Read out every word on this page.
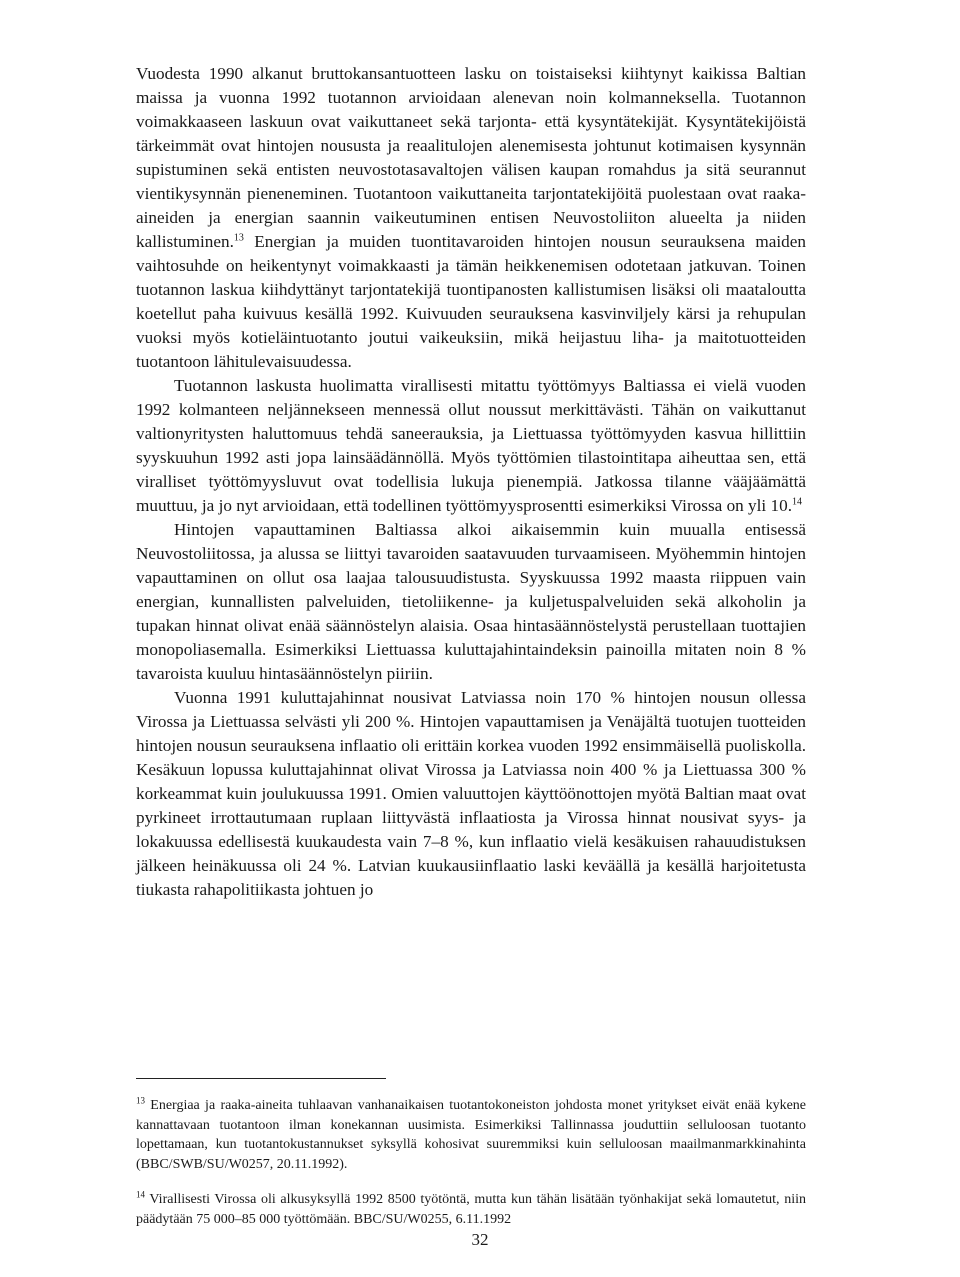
Vuodesta 1990 alkanut bruttokansantuotteen lasku on toistaiseksi kiihtynyt kaikissa Baltian maissa ja vuonna 1992 tuotannon arvioidaan alenevan noin kolmanneksella. Tuotannon voimakkaaseen laskuun ovat vaikuttaneet sekä tarjonta- että kysyntätekijät. Kysyntätekijöistä tärkeimmät ovat hintojen noususta ja reaalitulojen alenemisesta johtunut kotimaisen kysynnän supistuminen sekä entisten neuvostotasavaltojen välisen kaupan romahdus ja sitä seurannut vientikysynnän pieneneminen. Tuotantoon vaikuttaneita tarjontatekijöitä puolestaan ovat raaka-aineiden ja energian saannin vaikeutuminen entisen Neuvostoliiton alueelta ja niiden kallistuminen.$^{13}$ Energian ja muiden tuontitavaroiden hintojen nousun seurauksena maiden vaihtosuhde on heikentynyt voimakkaasti ja tämän heikkenemisen odotetaan jatkuvan. Toinen tuotannon laskua kiihdyttänyt tarjontatekijä tuontipanosten kallistumisen lisäksi oli maataloutta koetellut paha kuivuus kesällä 1992. Kuivuuden seurauksena kasvinviljely kärsi ja rehupulan vuoksi myös kotieläintuotanto joutui vaikeuksiin, mikä heijastuu liha- ja maitotuotteiden tuotantoon lähitulevaisuudessa.

Tuotannon laskusta huolimatta virallisesti mitattu työttömyys Baltiassa ei vielä vuoden 1992 kolmanteen neljännekseen mennessä ollut noussut merkittävästi. Tähän on vaikuttanut valtionyritysten haluttomuus tehdä saneerauksia, ja Liettuassa työttömyyden kasvua hillittiin syyskuuhun 1992 asti jopa lainsäädännöllä. Myös työttömien tilastointitapa aiheuttaa sen, että viralliset työttömyysluvut ovat todellisia lukuja pienempiä. Jatkossa tilanne vääjäämättä muuttuu, ja jo nyt arvioidaan, että todellinen työttömyysprosentti esimerkiksi Virossa on yli 10.14

Hintojen vapauttaminen Baltiassa alkoi aikaisemmin kuin muualla entisessä Neuvostoliitossa, ja alussa se liittyi tavaroiden saatavuuden turvaamiseen. Myöhemmin hintojen vapauttaminen on ollut osa laajaa talousuudistusta. Syyskuussa 1992 maasta riippuen vain energian, kunnallisten palveluiden, tietoliikenne- ja kuljetuspalveluiden sekä alkoholin ja tupakan hinnat olivat enää säännöstelyn alaisia. Osaa hintasäännöstelystä perustellaan tuottajien monopoliasemalla. Esimerkiksi Liettuassa kuluttajahintaindeksin painoilla mitaten noin 8 % tavaroista kuuluu hintasäännöstelyn piiriin.

Vuonna 1991 kuluttajahinnat nousivat Latviassa noin 170 % hintojen nousun ollessa Virossa ja Liettuassa selvästi yli 200 %. Hintojen vapauttamisen ja Venäjältä tuotujen tuotteiden hintojen nousun seurauksena inflaatio oli erittäin korkea vuoden 1992 ensimmäisellä puoliskolla. Kesäkuun lopussa kuluttajahinnat olivat Virossa ja Latviassa noin 400 % ja Liettuassa 300 % korkeammat kuin joulukuussa 1991. Omien valuuttojen käyttöönottojen myötä Baltian maat ovat pyrkineet irrottautumaan ruplaan liittyvästä inflaatiosta ja Virossa hinnat nousivat syys- ja lokakuussa edellisestä kuukaudesta vain 7–8 %, kun inflaatio vielä kesäkuisen rahauudistuksen jälkeen heinäkuussa oli 24 %. Latvian kuukausiinflaatio laski keväällä ja kesällä harjoitetusta tiukasta rahapolitiikasta johtuen jo

$^{13}$ Energiaa ja raaka-aineita tuhlaavan vanhanaikaisen tuotantokoneiston johdosta monet yritykset eivät enää kykene kannattavaan tuotantoon ilman konekannan uusimista. Esimerkiksi Tallinnassa jouduttiin selluloosan tuotanto lopettamaan, kun tuotantokustannukset syksyllä kohosivat suuremmiksi kuin selluloosan maailmanmarkkinahinta (BBC/SWB/SU/W0257, 20.11.1992).

$^{14}$ Virallisesti Virossa oli alkusyksyllä 1992 8500 työtöntä, mutta kun tähän lisätään työnhakijat sekä lomautetut, niin päädytään 75 000–85 000 työttömään. BBC/SU/W0255, 6.11.1992

32
